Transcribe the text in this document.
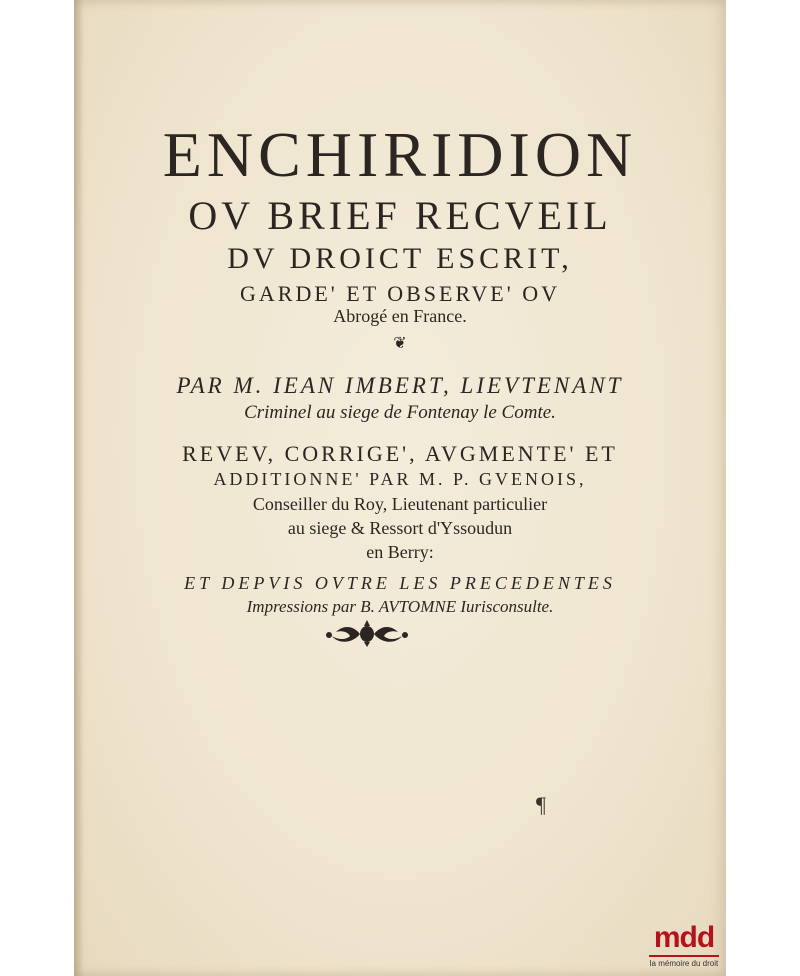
ENCHIRIDION
OV BRIEF RECVEIL
DV DROICT ESCRIT,
GARDE' ET OBSERVE' OV
Abrogé en France.
❦
PAR M. IEAN IMBERT, LIEVTENANT
Criminel au siege de Fontenay le Comte.
REVEV, CORRIGE', AVGMENTE' ET
ADDITIONNE' PAR M. P. GVENOIS,
Conseiller du Roy, Lieutenant particulier
au siege & Ressort d'Yssoudun
en Berry:
ET DEPVIS OVTRE LES PRECEDENTES
Impressions par B. AVTOMNE Iurisconsulte.
¶
mdd
la mémoire du droit
